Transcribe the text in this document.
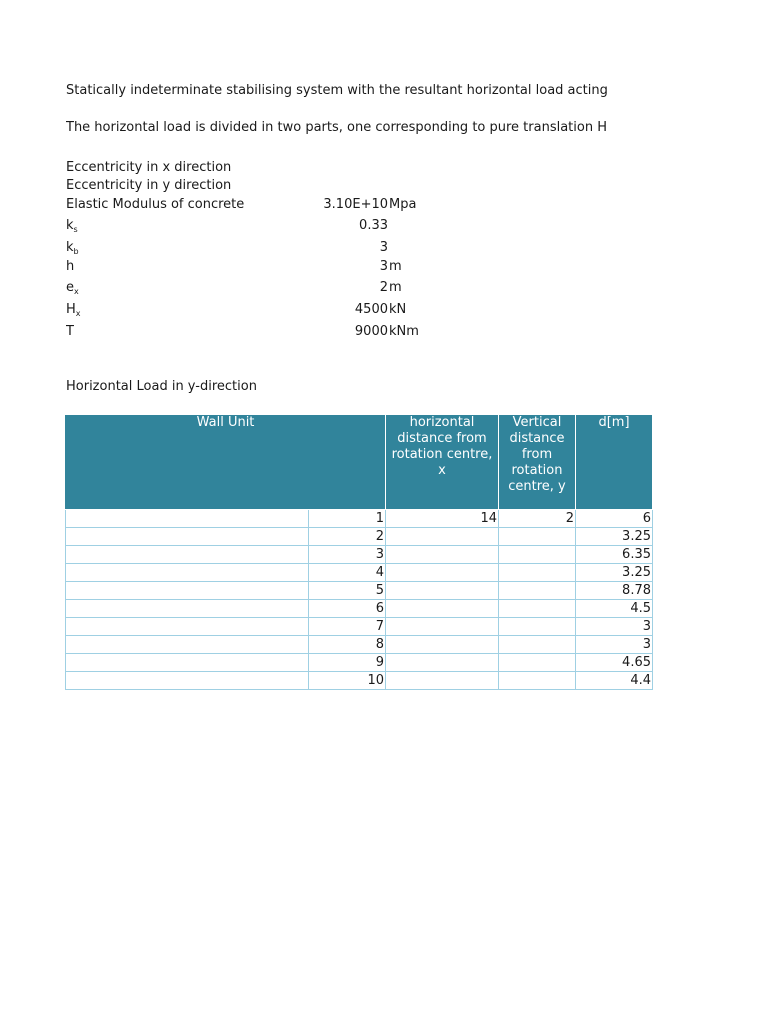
Statically indeterminate stabilising system with the resultant horizontal load acting
The horizontal load is divided in two parts, one corresponding to pure translation H
Eccentricity in x direction
Eccentricity in y direction
Elastic Modulus of concrete	3.10E+10 Mpa
$k_s$	0.33
$k_b$	3
h	3 m
$e_x$	2 m
$H_x$	4500 kN
T	9000 kNm
Horizontal Load in y-direction
Wall Unit		horizontal distance from rotation centre, x	Vertical distance from rotation centre, y	d[m]
	1	14	2	6
	2			3.25
	3			6.35
	4			3.25
	5			8.78
	6			4.5
	7			3
	8			3
	9			4.65
	10			4.4
